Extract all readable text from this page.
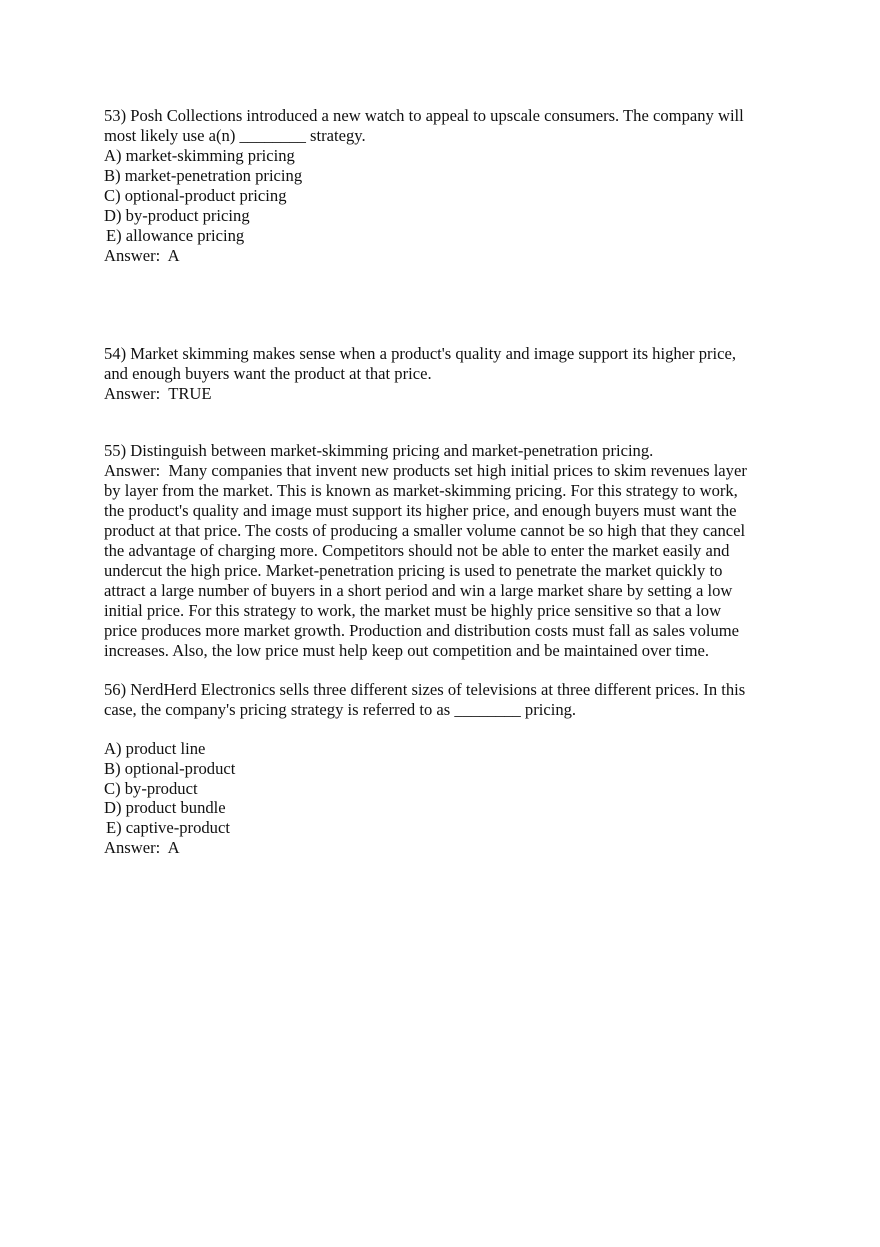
53) Posh Collections introduced a new watch to appeal to upscale consumers. The company will

most likely use a(n) ________ strategy.

A) market-skimming pricing

B) market-penetration pricing

C) optional-product pricing

D) by-product pricing

E) allowance pricing

Answer:  A

54) Market skimming makes sense when a product's quality and image support its higher price,

and enough buyers want the product at that price.

Answer:  TRUE

55) Distinguish between market-skimming pricing and market-penetration pricing.

Answer:  Many companies that invent new products set high initial prices to skim revenues layer

by layer from the market. This is known as market-skimming pricing. For this strategy to work,

the product's quality and image must support its higher price, and enough buyers must want the

product at that price. The costs of producing a smaller volume cannot be so high that they cancel

the advantage of charging more. Competitors should not be able to enter the market easily and

undercut the high price. Market-penetration pricing is used to penetrate the market quickly to

attract a large number of buyers in a short period and win a large market share by setting a low

initial price. For this strategy to work, the market must be highly price sensitive so that a low

price produces more market growth. Production and distribution costs must fall as sales volume

increases. Also, the low price must help keep out competition and be maintained over time.

56) NerdHerd Electronics sells three different sizes of televisions at three different prices. In this

case, the company's pricing strategy is referred to as ________ pricing.

A) product line

B) optional-product

C) by-product

D) product bundle

E) captive-product

Answer:  A
